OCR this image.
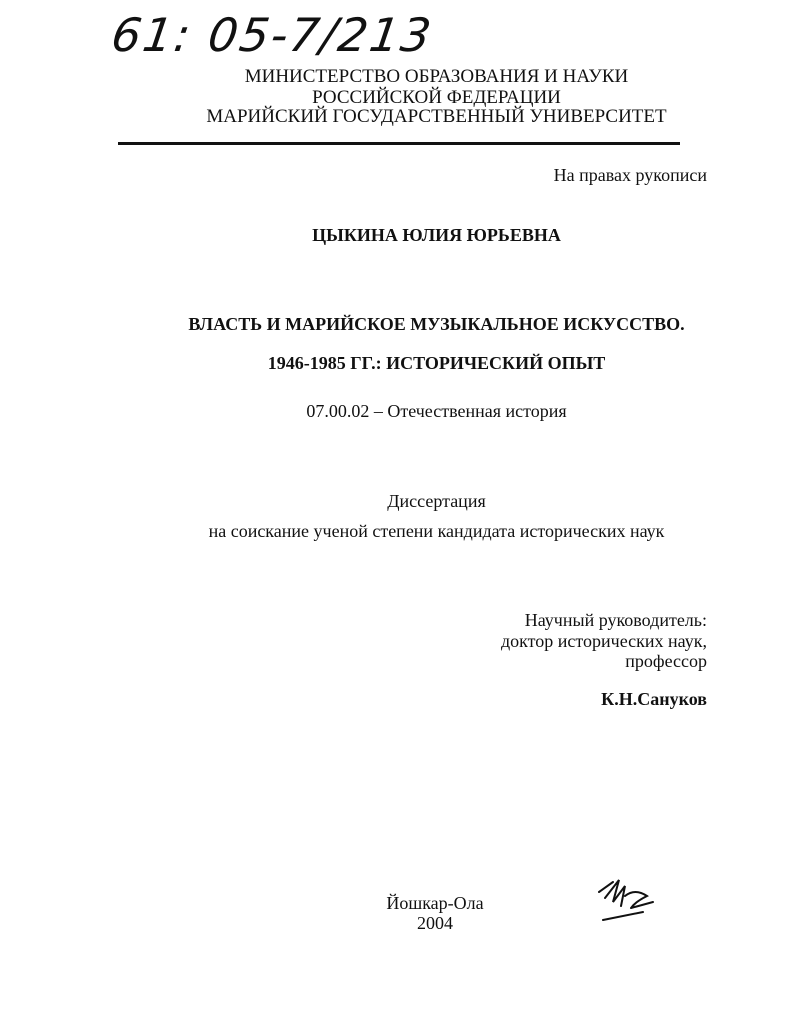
61: 05-7/213
МИНИСТЕРСТВО ОБРАЗОВАНИЯ И НАУКИ
РОССИЙСКОЙ ФЕДЕРАЦИИ
МАРИЙСКИЙ ГОСУДАРСТВЕННЫЙ УНИВЕРСИТЕТ
На правах рукописи
ЦЫКИНА ЮЛИЯ ЮРЬЕВНА
ВЛАСТЬ И МАРИЙСКОЕ МУЗЫКАЛЬНОЕ ИСКУССТВО.
1946-1985 ГГ.: ИСТОРИЧЕСКИЙ ОПЫТ
07.00.02 – Отечественная история
Диссертация
на соискание ученой степени кандидата исторических наук
Научный руководитель:
доктор исторических наук,
профессор
К.Н.Сануков
Йошкар-Ола
2004
